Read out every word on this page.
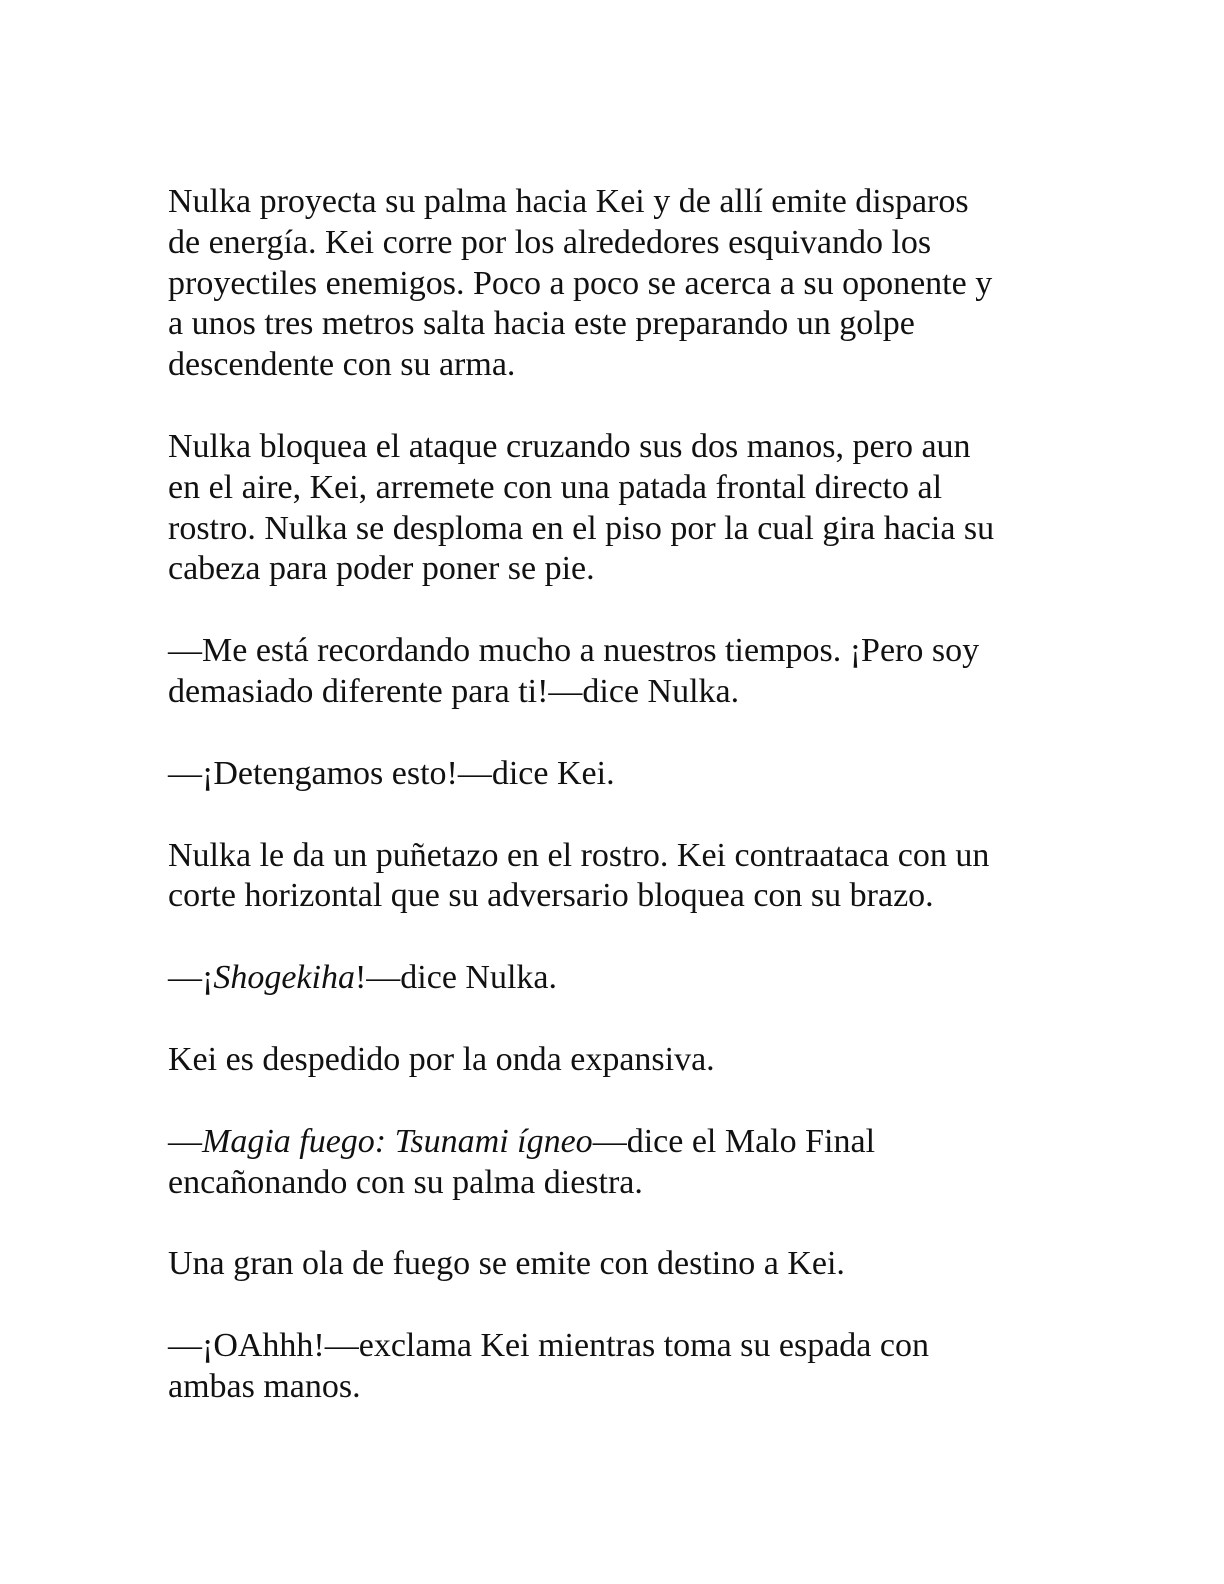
Nulka proyecta su palma hacia Kei y de allí emite disparos
de energía. Kei corre por los alrededores esquivando los
proyectiles enemigos. Poco a poco se acerca a su oponente y
a unos tres metros salta hacia este preparando un golpe
descendente con su arma.

Nulka bloquea el ataque cruzando sus dos manos, pero aun
en el aire, Kei, arremete con una patada frontal directo al
rostro. Nulka se desploma en el piso por la cual gira hacia su
cabeza para poder poner se pie.

—Me está recordando mucho a nuestros tiempos. ¡Pero soy
demasiado diferente para ti!—dice Nulka.

—¡Detengamos esto!—dice Kei.

Nulka le da un puñetazo en el rostro. Kei contraataca con un
corte horizontal que su adversario bloquea con su brazo.

—¡Shogekiha!—dice Nulka.

Kei es despedido por la onda expansiva.

—Magia fuego: Tsunami ígneo—dice el Malo Final
encañonando con su palma diestra.

Una gran ola de fuego se emite con destino a Kei.

—¡OAhhh!—exclama Kei mientras toma su espada con
ambas manos.
